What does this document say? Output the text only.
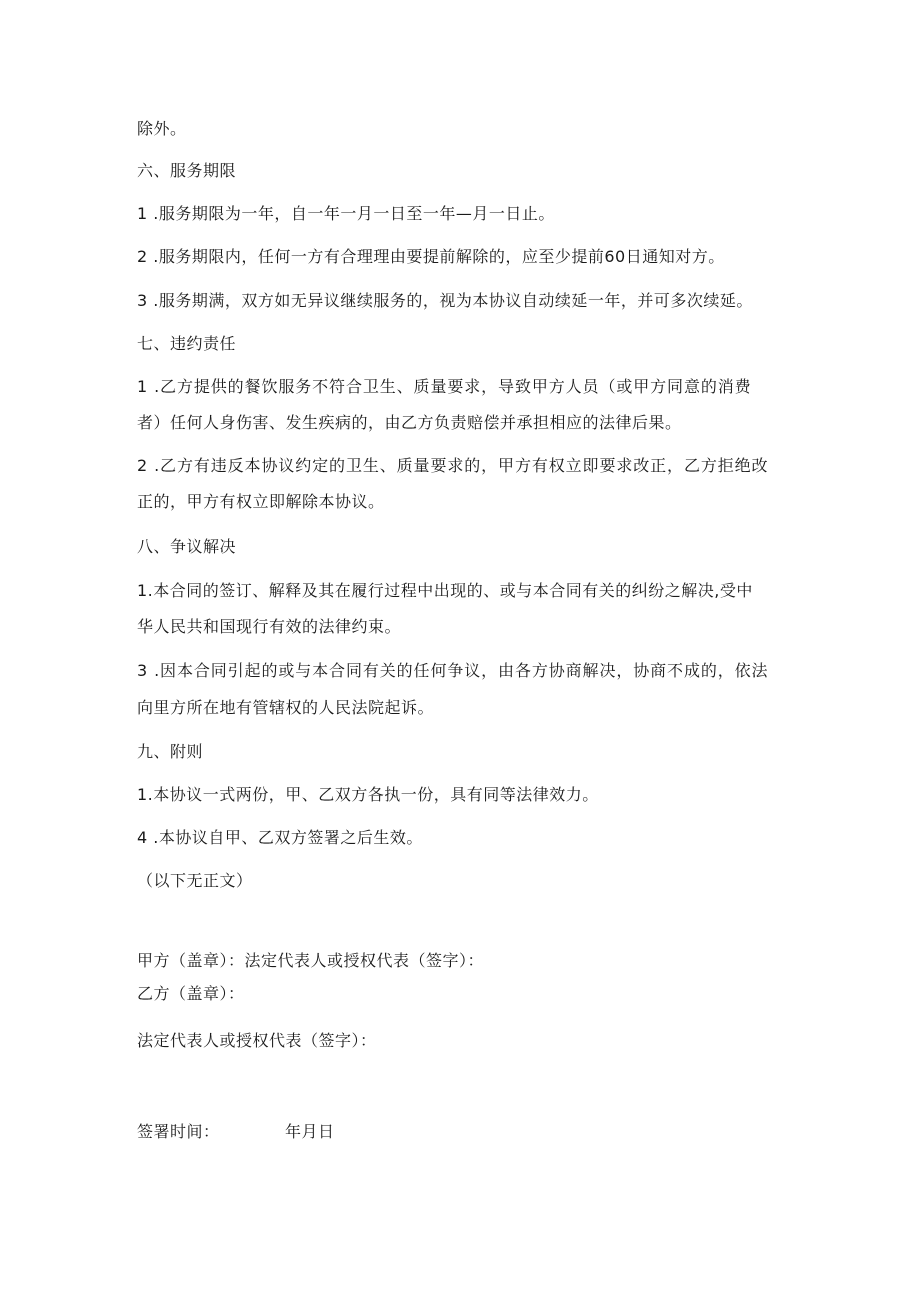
除外。
六、服务期限
1 .服务期限为一年，自一年一月一日至一年—月一日止。
2 .服务期限内，任何一方有合理理由要提前解除的，应至少提前60日通知对方。
3 .服务期满，双方如无异议继续服务的，视为本协议自动续延一年，并可多次续延。
七、违约责任
1 .乙方提供的餐饮服务不符合卫生、质量要求，导致甲方人员（或甲方同意的消费
者）任何人身伤害、发生疾病的，由乙方负责赔偿并承担相应的法律后果。
2 .乙方有违反本协议约定的卫生、质量要求的，甲方有权立即要求改正，乙方拒绝改
正的，甲方有权立即解除本协议。
八、争议解决
1.本合同的签订、解释及其在履行过程中出现的、或与本合同有关的纠纷之解决,受中
华人民共和国现行有效的法律约束。
3 .因本合同引起的或与本合同有关的任何争议，由各方协商解决，协商不成的，依法
向里方所在地有管辖权的人民法院起诉。
九、附则
1.本协议一式两份，甲、乙双方各执一份，具有同等法律效力。
4 .本协议自甲、乙双方签署之后生效。
（以下无正文）
甲方（盖章）：法定代表人或授权代表（签字）：
乙方（盖章）：
法定代表人或授权代表（签字）：
签署时间：	年月日
